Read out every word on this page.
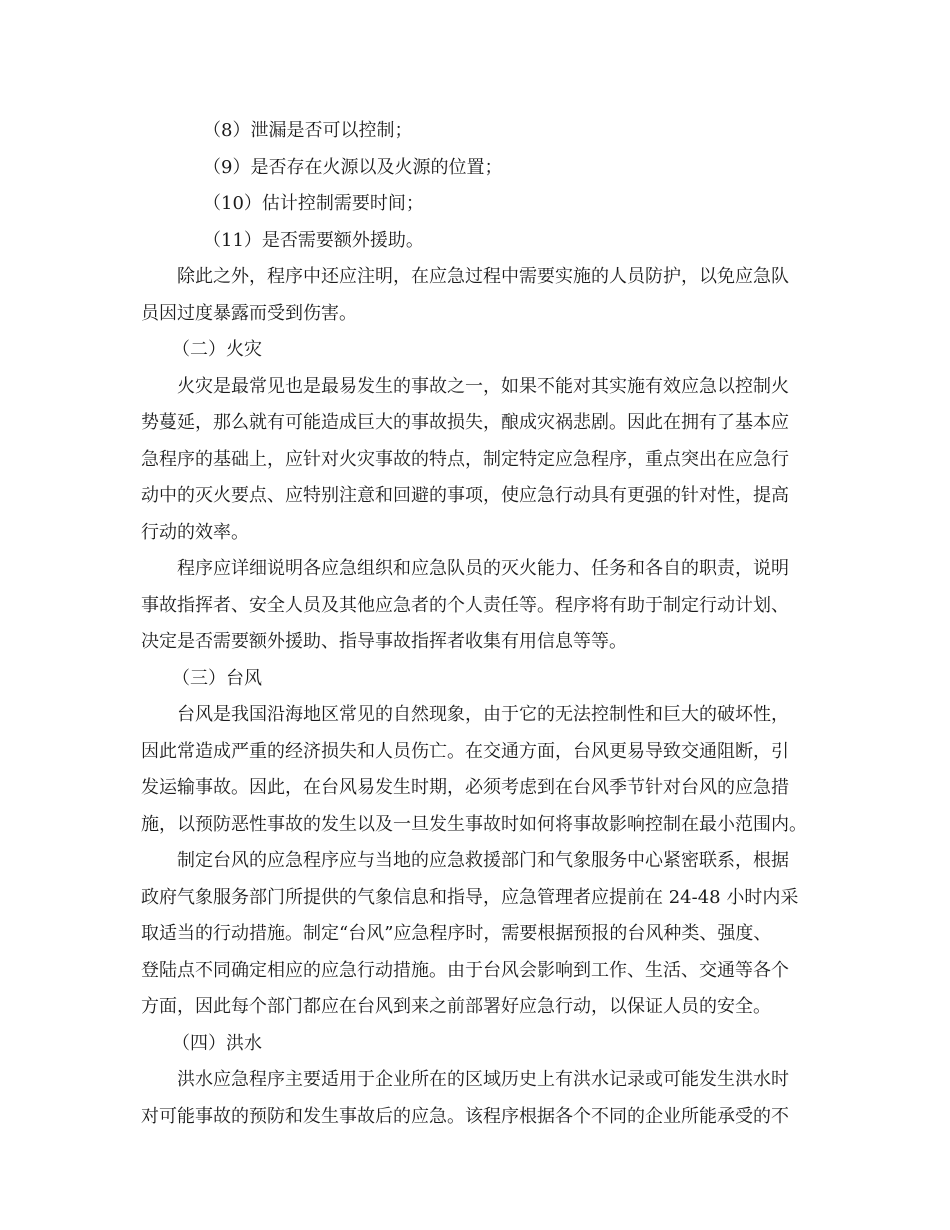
（8）泄漏是否可以控制；
（9）是否存在火源以及火源的位置；
（10）估计控制需要时间；
（11）是否需要额外援助。
除此之外，程序中还应注明，在应急过程中需要实施的人员防护，以免应急队
员因过度暴露而受到伤害。
（二）火灾
火灾是最常见也是最易发生的事故之一，如果不能对其实施有效应急以控制火
势蔓延，那么就有可能造成巨大的事故损失，酿成灾祸悲剧。因此在拥有了基本应
急程序的基础上，应针对火灾事故的特点，制定特定应急程序，重点突出在应急行
动中的灭火要点、应特别注意和回避的事项，使应急行动具有更强的针对性，提高
行动的效率。
程序应详细说明各应急组织和应急队员的灭火能力、任务和各自的职责，说明
事故指挥者、安全人员及其他应急者的个人责任等。程序将有助于制定行动计划、
决定是否需要额外援助、指导事故指挥者收集有用信息等等。
（三）台风
台风是我国沿海地区常见的自然现象，由于它的无法控制性和巨大的破坏性，
因此常造成严重的经济损失和人员伤亡。在交通方面，台风更易导致交通阻断，引
发运输事故。因此，在台风易发生时期，必须考虑到在台风季节针对台风的应急措
施，以预防恶性事故的发生以及一旦发生事故时如何将事故影响控制在最小范围内。
制定台风的应急程序应与当地的应急救援部门和气象服务中心紧密联系，根据
政府气象服务部门所提供的气象信息和指导，应急管理者应提前在 24-48 小时内采
取适当的行动措施。制定“台风”应急程序时，需要根据预报的台风种类、强度、
登陆点不同确定相应的应急行动措施。由于台风会影响到工作、生活、交通等各个
方面，因此每个部门都应在台风到来之前部署好应急行动，以保证人员的安全。
（四）洪水
洪水应急程序主要适用于企业所在的区域历史上有洪水记录或可能发生洪水时
对可能事故的预防和发生事故后的应急。该程序根据各个不同的企业所能承受的不
